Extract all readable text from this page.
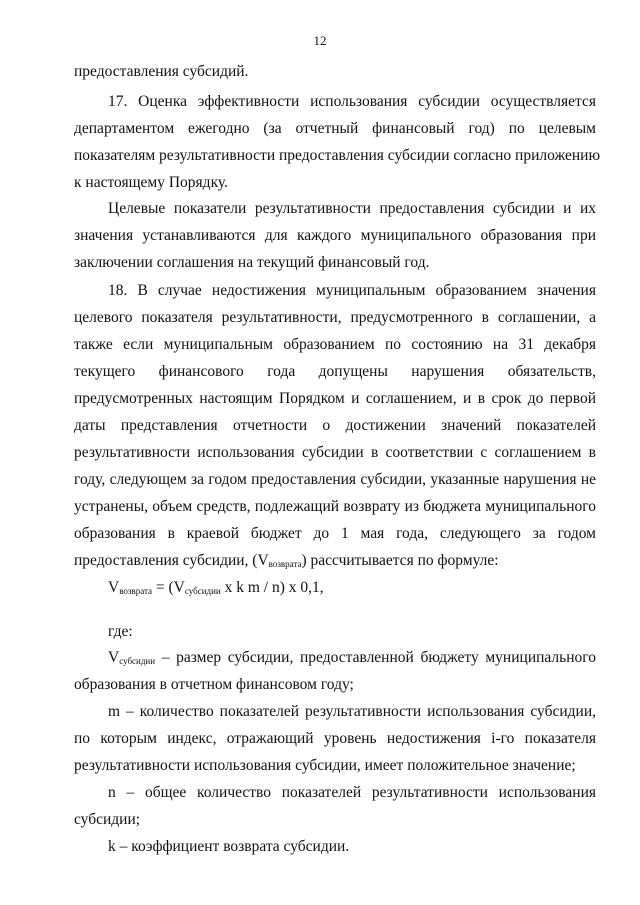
12
предоставления субсидий.
17. Оценка эффективности использования субсидии осуществляется
департаментом ежегодно (за отчетный финансовый год) по целевым
показателям результативности предоставления субсидии согласно приложению
к настоящему Порядку.
Целевые показатели результативности предоставления субсидии и их
значения устанавливаются для каждого муниципального образования при
заключении соглашения на текущий финансовый год.
18. В случае недостижения муниципальным образованием значения
целевого показателя результативности, предусмотренного в соглашении, а
также если муниципальным образованием по состоянию на 31 декабря
текущего финансового года допущены нарушения обязательств,
предусмотренных настоящим Порядком и соглашением, и в срок до первой
даты представления отчетности о достижении значений показателей
результативности использования субсидии в соответствии с соглашением в
году, следующем за годом предоставления субсидии, указанные нарушения не
устранены, объем средств, подлежащий возврату из бюджета муниципального
образования в краевой бюджет до 1 мая года, следующего за годом
предоставления субсидии, $(V_{возврата})$ рассчитывается по формуле:
$V_{возврата} = (V_{субсидии}$ x k m / n) x 0,1,
где:
$V_{субсидии}$ – размер субсидии, предоставленной бюджету муниципального
образования в отчетном финансовом году;
m – количество показателей результативности использования субсидии,
по которым индекс, отражающий уровень недостижения i-го показателя
результативности использования субсидии, имеет положительное значение;
n – общее количество показателей результативности использования
субсидии;
k – коэффициент возврата субсидии.
